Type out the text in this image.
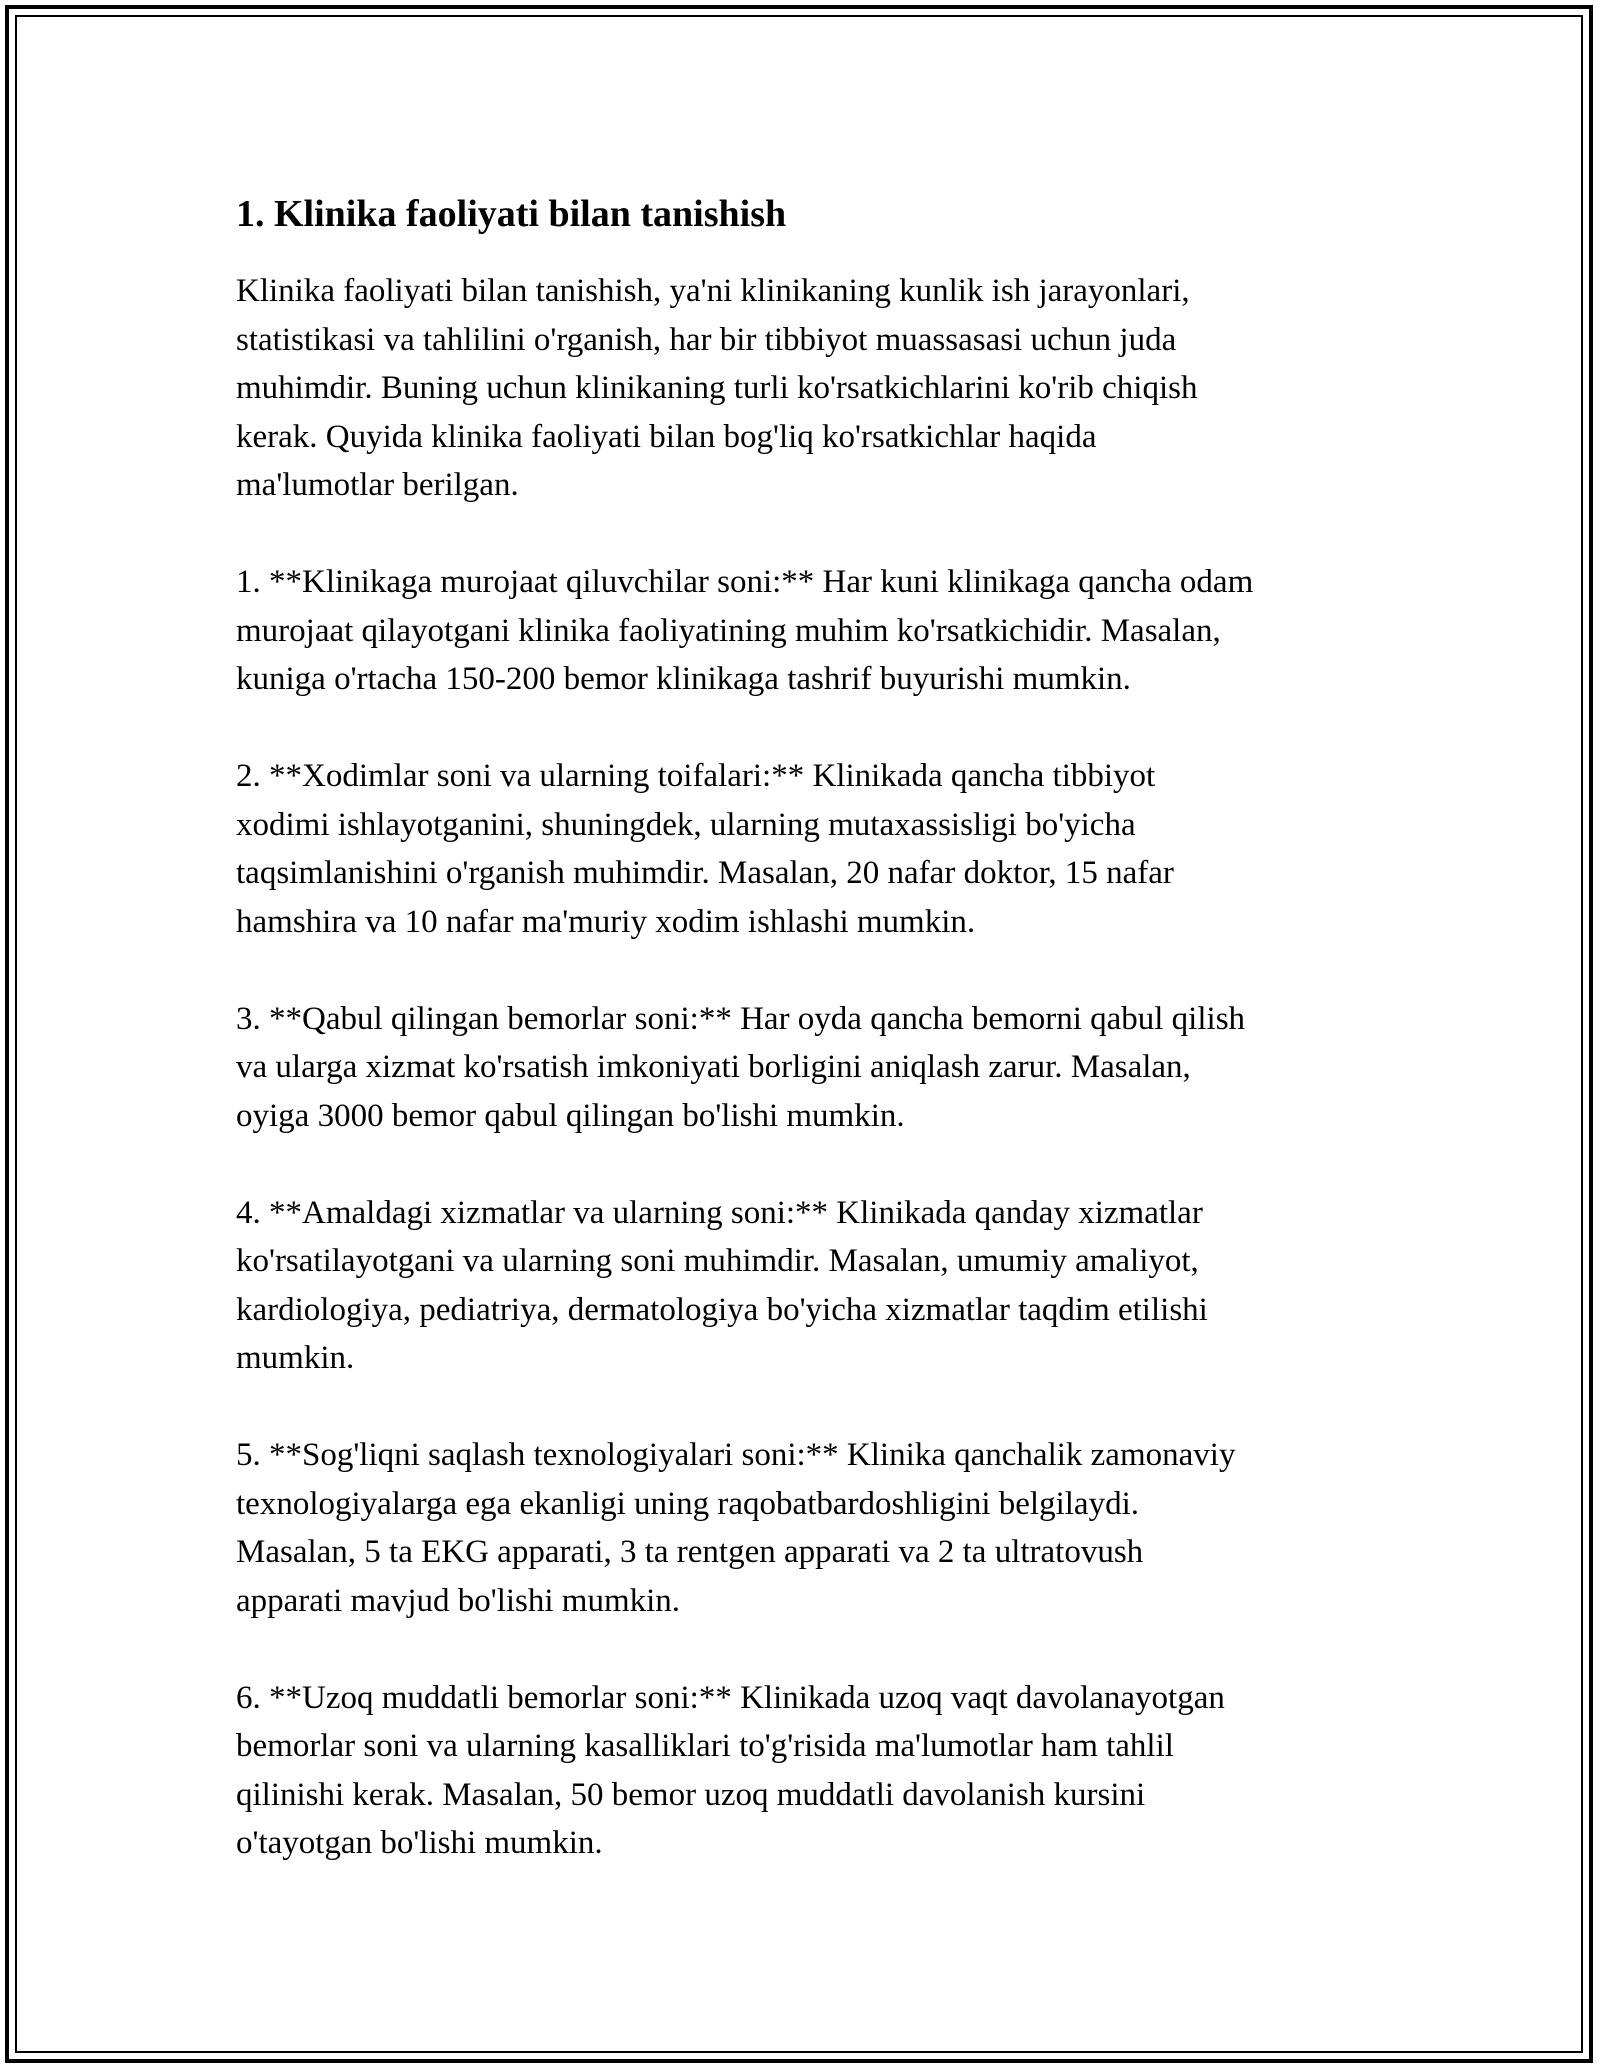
1. Klinika faoliyati bilan tanishish

Klinika faoliyati bilan tanishish, ya'ni klinikaning kunlik ish jarayonlari,
statistikasi va tahlilini o'rganish, har bir tibbiyot muassasasi uchun juda
muhimdir. Buning uchun klinikaning turli ko'rsatkichlarini ko'rib chiqish
kerak. Quyida klinika faoliyati bilan bog'liq ko'rsatkichlar haqida
ma'lumotlar berilgan.

1. **Klinikaga murojaat qiluvchilar soni:** Har kuni klinikaga qancha odam
murojaat qilayotgani klinika faoliyatining muhim ko'rsatkichidir. Masalan,
kuniga o'rtacha 150-200 bemor klinikaga tashrif buyurishi mumkin.

2. **Xodimlar soni va ularning toifalari:** Klinikada qancha tibbiyot
xodimi ishlayotganini, shuningdek, ularning mutaxassisligi bo'yicha
taqsimlanishini o'rganish muhimdir. Masalan, 20 nafar doktor, 15 nafar
hamshira va 10 nafar ma'muriy xodim ishlashi mumkin.

3. **Qabul qilingan bemorlar soni:** Har oyda qancha bemorni qabul qilish
va ularga xizmat ko'rsatish imkoniyati borligini aniqlash zarur. Masalan,
oyiga 3000 bemor qabul qilingan bo'lishi mumkin.

4. **Amaldagi xizmatlar va ularning soni:** Klinikada qanday xizmatlar
ko'rsatilayotgani va ularning soni muhimdir. Masalan, umumiy amaliyot,
kardiologiya, pediatriya, dermatologiya bo'yicha xizmatlar taqdim etilishi
mumkin.

5. **Sog'liqni saqlash texnologiyalari soni:** Klinika qanchalik zamonaviy
texnologiyalarga ega ekanligi uning raqobatbardoshligini belgilaydi.
Masalan, 5 ta EKG apparati, 3 ta rentgen apparati va 2 ta ultratovush
apparati mavjud bo'lishi mumkin.

6. **Uzoq muddatli bemorlar soni:** Klinikada uzoq vaqt davolanayotgan
bemorlar soni va ularning kasalliklari to'g'risida ma'lumotlar ham tahlil
qilinishi kerak. Masalan, 50 bemor uzoq muddatli davolanish kursini
o'tayotgan bo'lishi mumkin.
